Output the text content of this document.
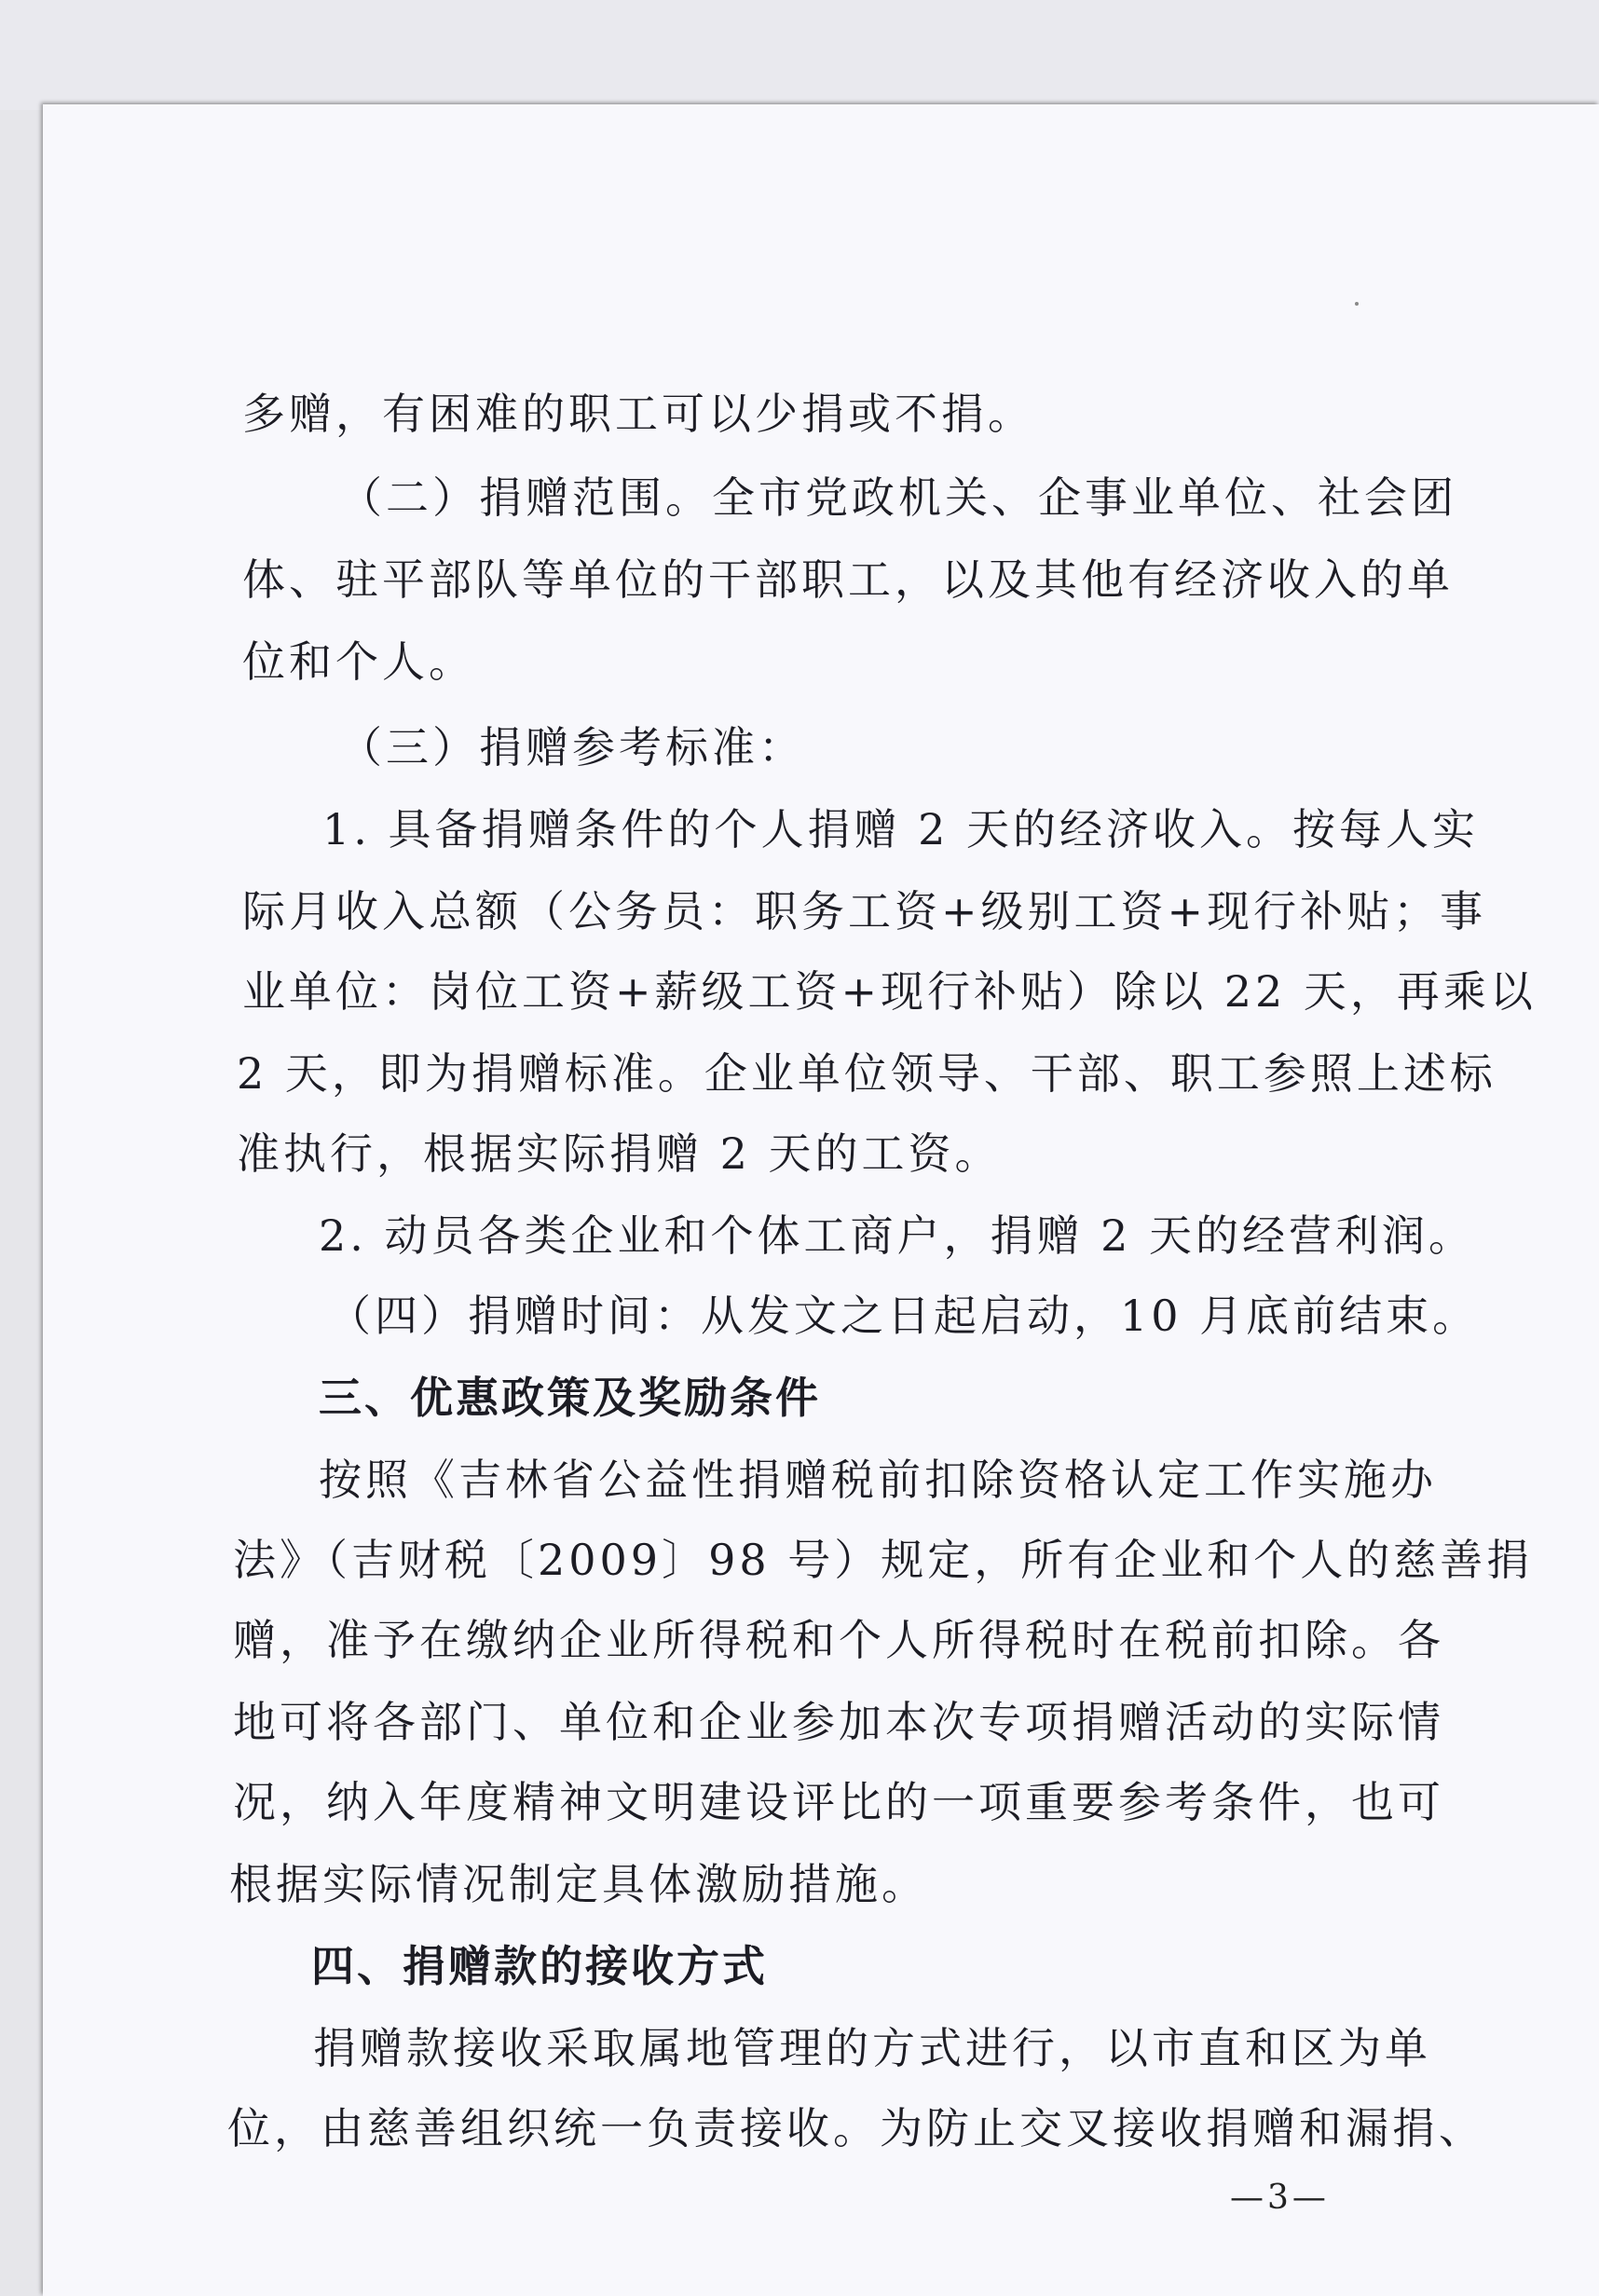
多赠，有困难的职工可以少捐或不捐。
（二）捐赠范围。全市党政机关、企事业单位、社会团
体、驻平部队等单位的干部职工，以及其他有经济收入的单
位和个人。
（三）捐赠参考标准：
1. 具备捐赠条件的个人捐赠 2 天的经济收入。按每人实
际月收入总额（公务员：职务工资+级别工资+现行补贴；事
业单位：岗位工资+薪级工资+现行补贴）除以 22 天，再乘以
2 天，即为捐赠标准。企业单位领导、干部、职工参照上述标
准执行，根据实际捐赠 2 天的工资。
2. 动员各类企业和个体工商户，捐赠 2 天的经营利润。
（四）捐赠时间：从发文之日起启动，10 月底前结束。
三、优惠政策及奖励条件
按照《吉林省公益性捐赠税前扣除资格认定工作实施办
法》（吉财税〔2009〕98 号）规定，所有企业和个人的慈善捐
赠，准予在缴纳企业所得税和个人所得税时在税前扣除。各
地可将各部门、单位和企业参加本次专项捐赠活动的实际情
况，纳入年度精神文明建设评比的一项重要参考条件，也可
根据实际情况制定具体激励措施。
四、捐赠款的接收方式
捐赠款接收采取属地管理的方式进行，以市直和区为单
位，由慈善组织统一负责接收。为防止交叉接收捐赠和漏捐、
—3—
